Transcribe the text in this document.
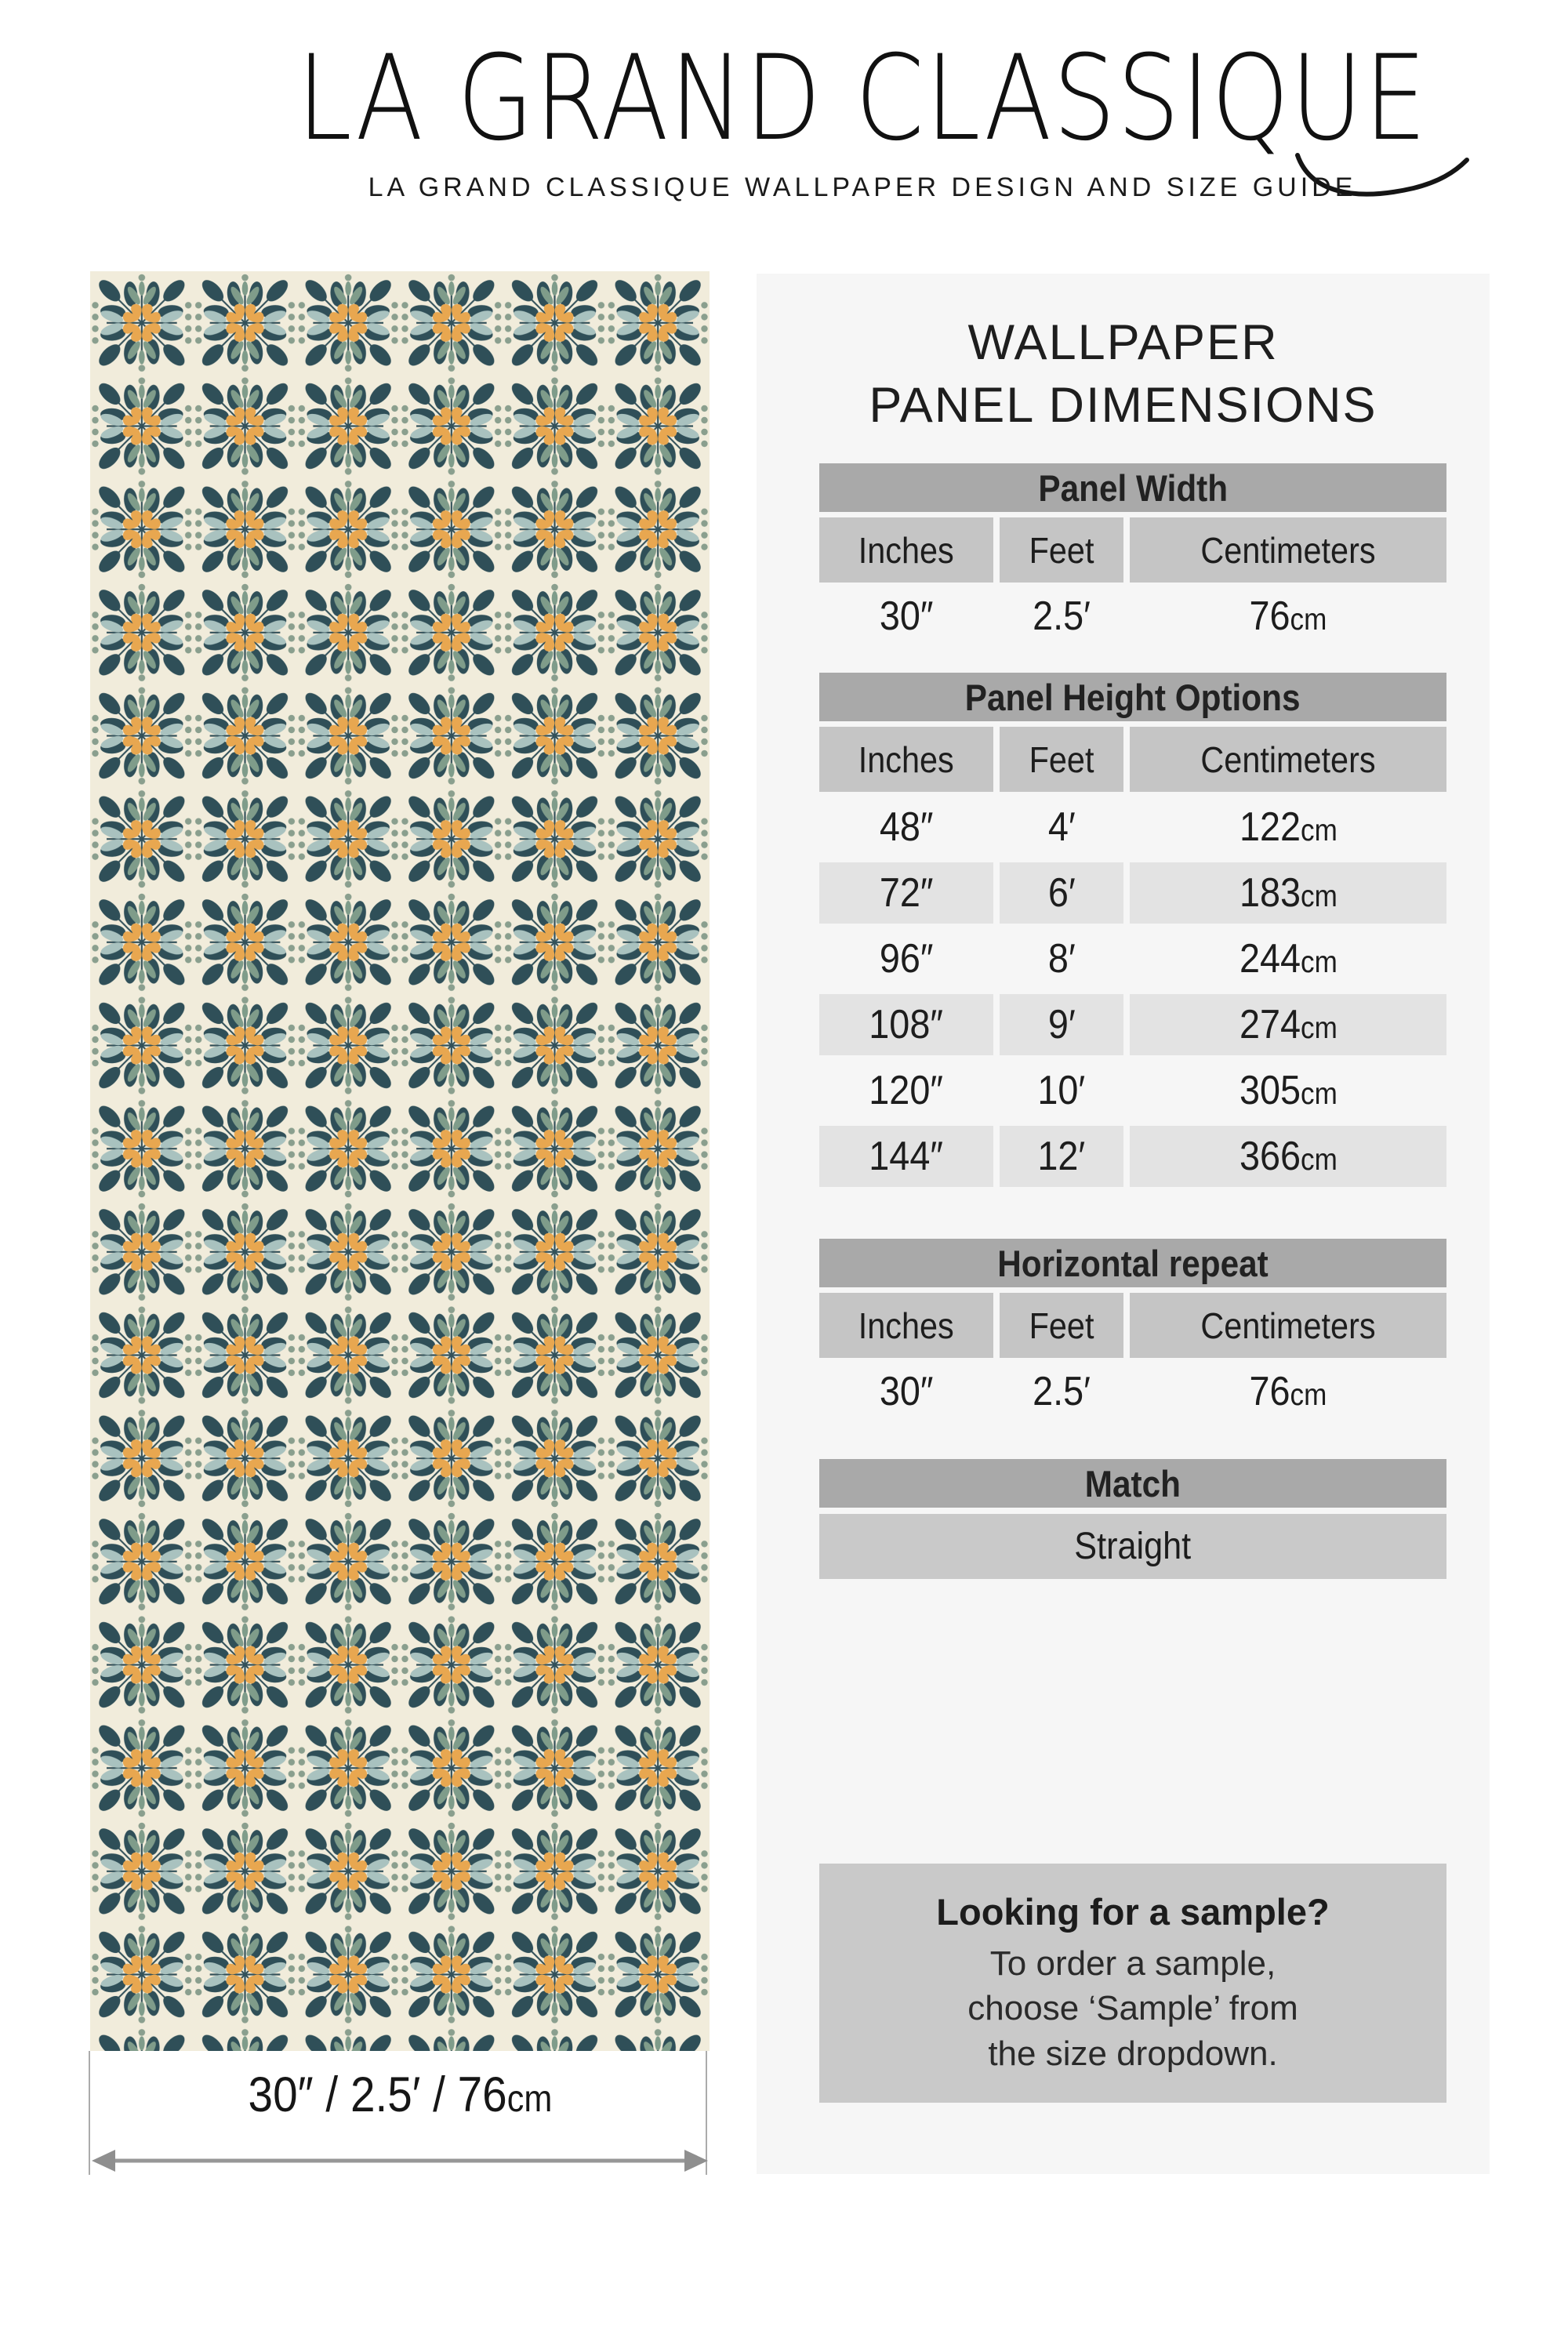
LA GRAND CLASSIQUE
LA GRAND CLASSIQUE WALLPAPER DESIGN AND SIZE GUIDE
30″ / 2.5′ / 76cm
WALLPAPER
PANEL DIMENSIONS
Panel Width
Inches Feet	Centimeters
30″ 2.5′	76cm
Panel Height Options
Inches Feet	Centimeters
48″	4′	122cm
72″	6′	183cm
96″	8′	244cm
108″	9′	274cm
120″ 10′	305cm
144″ 12′	366cm
Horizontal repeat
Inches Feet	Centimeters
30″ 2.5′	76cm
Match
Straight
Looking for a sample?
To order a sample, choose ‘Sample’ from the size dropdown.
